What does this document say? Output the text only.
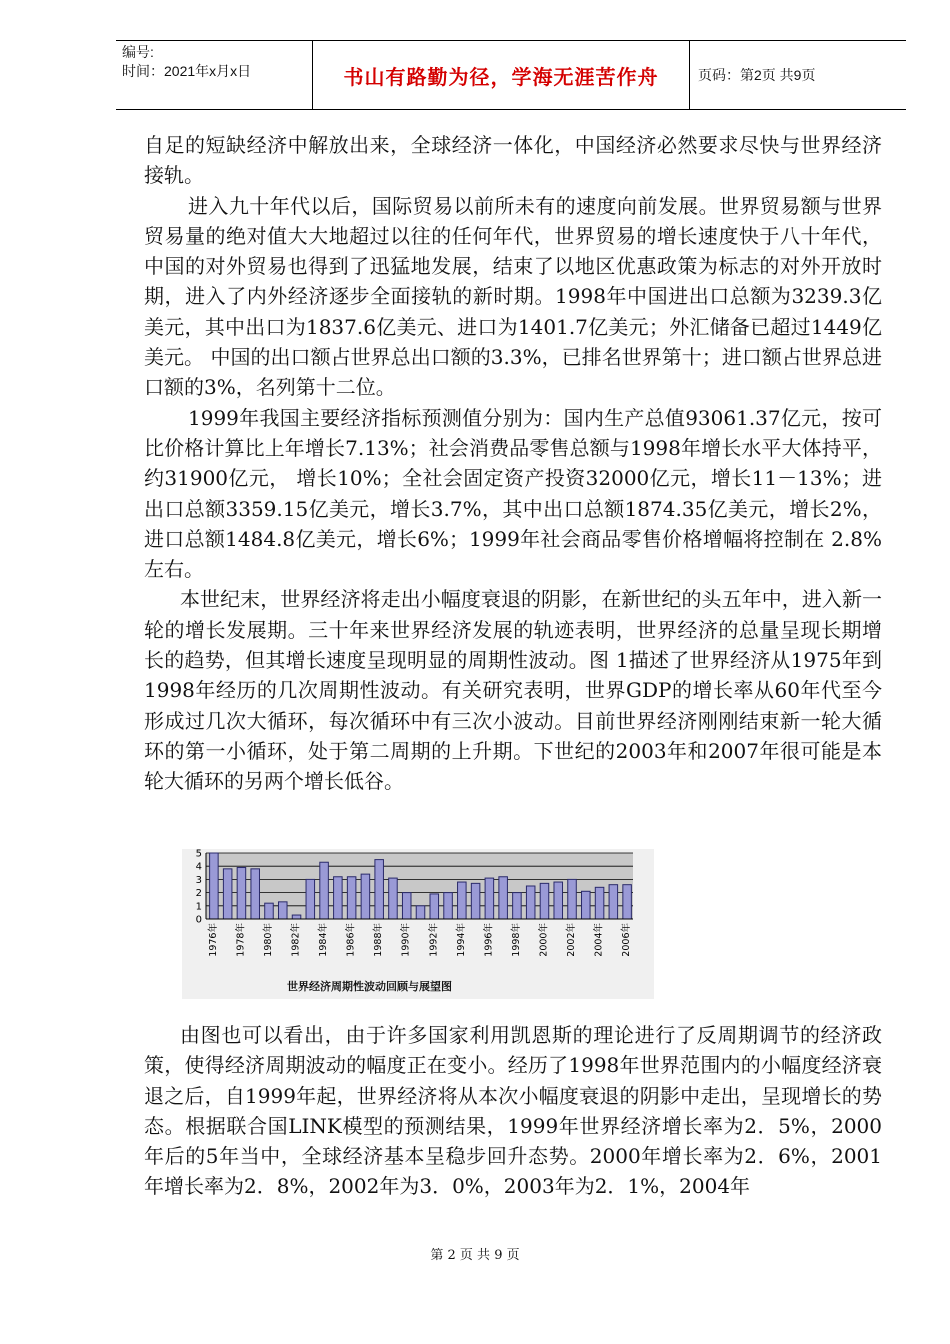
编号:
时间：2021年x月x日	书山有路勤为径，学海无涯苦作舟	页码：第2页 共9页

自足的短缺经济中解放出来，全球经济一体化，中国经济必然要求尽快与世界经济接轨。

进入九十年代以后，国际贸易以前所未有的速度向前发展。世界贸易额与世界贸易量的绝对值大大地超过以往的任何年代，世界贸易的增长速度快于八十年代，中国的对外贸易也得到了迅猛地发展，结束了以地区优惠政策为标志的对外开放时期，进入了内外经济逐步全面接轨的新时期。1998年中国进出口总额为3239.3亿美元，其中出口为1837.6亿美元、进口为1401.7亿美元；外汇储备已超过1449亿美元。 中国的出口额占世界总出口额的3.3%，已排名世界第十；进口额占世界总进口额的3%，名列第十二位。

1999年我国主要经济指标预测值分别为：国内生产总值93061.37亿元，按可比价格计算比上年增长7.13%；社会消费品零售总额与1998年增长水平大体持平，约31900亿元， 增长10%；全社会固定资产投资32000亿元，增长11－13%；进出口总额3359.15亿美元，增长3.7%，其中出口总额1874.35亿美元，增长2%，进口总额1484.8亿美元，增长6%；1999年社会商品零售价格增幅将控制在 2.8%左右。

本世纪末，世界经济将走出小幅度衰退的阴影，在新世纪的头五年中，进入新一轮的增长发展期。三十年来世界经济发展的轨迹表明，世界经济的总量呈现长期增长的趋势，但其增长速度呈现明显的周期性波动。图 1描述了世界经济从1975年到1998年经历的几次周期性波动。有关研究表明，世界GDP的增长率从60年代至今形成过几次大循环，每次循环中有三次小波动。目前世界经济刚刚结束新一轮大循环的第一小循环，处于第二周期的上升期。下世纪的2003年和2007年很可能是本轮大循环的另两个增长低谷。

0
1
2
3
4
5
1976年 1978年 1980年 1982年 1984年 1986年 1988年 1990年 1992年 1994年 1996年 1998年 2000年 2002年 2004年 2006年
世界经济周期性波动回顾与展望图

由图也可以看出，由于许多国家利用凯恩斯的理论进行了反周期调节的经济政策，使得经济周期波动的幅度正在变小。经历了1998年世界范围内的小幅度经济衰退之后，自1999年起，世界经济将从本次小幅度衰退的阴影中走出，呈现增长的势态。根据联合国LINK模型的预测结果，1999年世界经济增长率为2．5%，2000年后的5年当中，全球经济基本呈稳步回升态势。2000年增长率为2．6%，2001年增长率为2．8%，2002年为3．0%，2003年为2．1%，2004年

第 2 页 共 9 页
